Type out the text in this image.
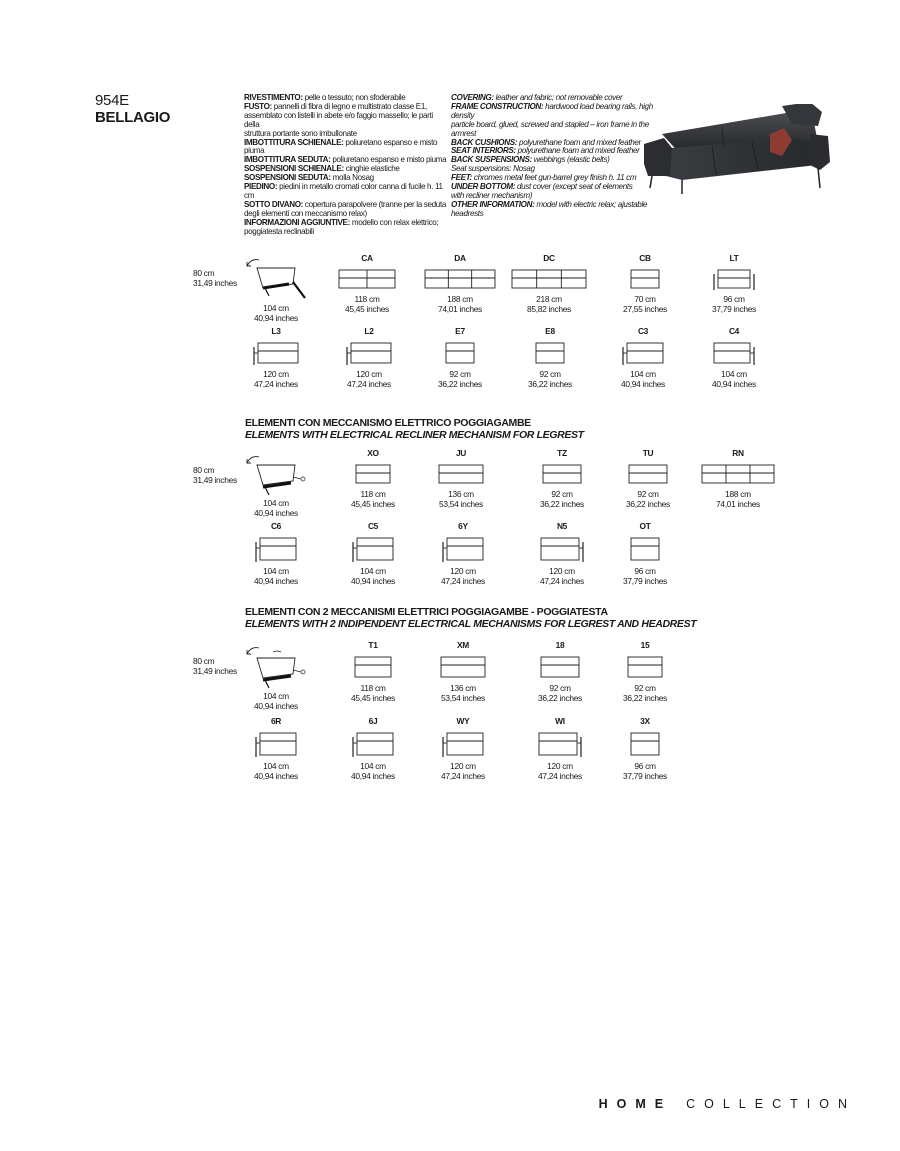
954E
BELLAGIO
RIVESTIMENTO: pelle o tessuto; non sfoderabile
FUSTO: pannelli di fibra di legno e multistrato classe E1,
assemblato con listelli in abete e/o faggio massello; le parti della
struttura portante sono imbullonate
IMBOTTITURA SCHIENALE: poliuretano espanso e misto piuma
IMBOTTITURA SEDUTA: poliuretano espanso e misto piuma
SOSPENSIONI SCHIENALE: cinghie elastiche
SOSPENSIONI SEDUTA: molla Nosag
PIEDINO: piedini in metallo cromati color canna di fucile h. 11 cm
SOTTO DIVANO: copertura parapolvere (tranne per la seduta
degli elementi con meccanismo relax)
INFORMAZIONI AGGIUNTIVE: modello con relax elettrico;
poggiatesta reclinabili
COVERING: leather and fabric; not removable cover
FRAME CONSTRUCTION: hardwood load bearing rails, high density
particle board, glued, screwed and stapled – iron frame in the armrest
BACK CUSHIONS: polyurethane foam and mixed feather
SEAT INTERIORS: polyurethane foam and mixed feather
BACK SUSPENSIONS: webbings (elastic belts)
Seat suspensions: Nosag
FEET: chromes metal feet gun-barrel grey finish h. 11 cm
UNDER BOTTOM: dust cover (except seat of elements
with recliner mechanism)
OTHER INFORMATION: model with electric relax; ajustable
headrests
ELEMENTI CON MECCANISMO ELETTRICO POGGIAGAMBE
ELEMENTS WITH ELECTRICAL RECLINER MECHANISM FOR LEGREST
ELEMENTI CON 2 MECCANISMI ELETTRICI POGGIAGAMBE - POGGIATESTA
ELEMENTS WITH 2 INDIPENDENT ELECTRICAL MECHANISMS FOR LEGREST AND HEADREST
80 cm
31,49 inches
80 cm
31,49 inches
80 cm
31,49 inches
104 cm
40,94 inches
104 cm
40,94 inches
104 cm
40,94 inches
CA
118 cm
45,45 inches
DA
188 cm
74,01 inches
DC
218 cm
85,82 inches
CB
70 cm
27,55 inches
LT
96 cm
37,79 inches
L3
120 cm
47,24 inches
L2
120 cm
47,24 inches
E7
92 cm
36,22 inches
E8
92 cm
36,22 inches
C3
104 cm
40,94 inches
C4
104 cm
40,94 inches
XO
118 cm
45,45 inches
JU
136 cm
53,54 inches
TZ
92 cm
36,22 inches
TU
92 cm
36,22 inches
RN
188 cm
74,01 inches
C6
104 cm
40,94 inches
C5
104 cm
40,94 inches
6Y
120 cm
47,24 inches
N5
120 cm
47,24 inches
OT
96 cm
37,79 inches
T1
118 cm
45,45 inches
XM
136 cm
53,54 inches
18
92 cm
36,22 inches
15
92 cm
36,22 inches
6R
104 cm
40,94 inches
6J
104 cm
40,94 inches
WY
120 cm
47,24 inches
WI
120 cm
47,24 inches
3X
96 cm
37,79 inches
HOME COLLECTION
